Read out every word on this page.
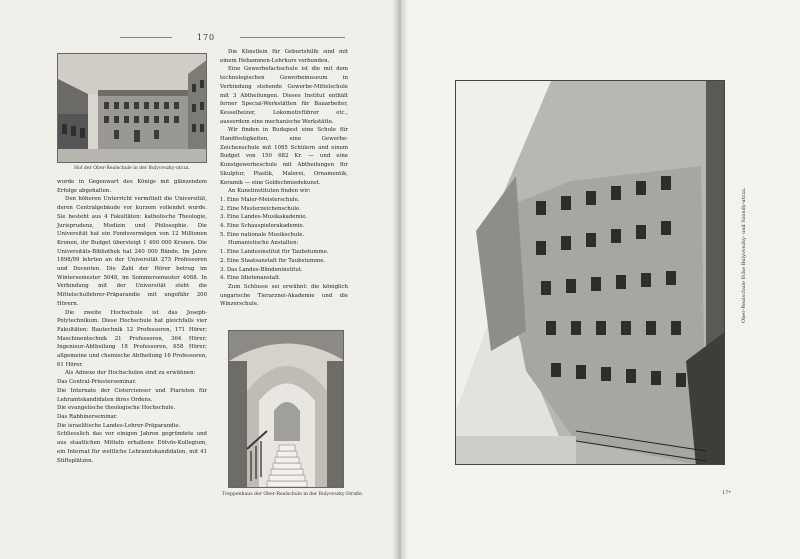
170
Hof der Ober-Realschule in der Bulyovszky-utcza.

Die Künstlein für Geburtshilfe sind mit einem Hebammen-Lehrkurs verbunden.

Eine Gewerbefachschule ist die mit dem technologischen Gewerbemuseum in Verbindung stehende Gewerbe-Mittelschule mit 3 Abtheilungen. Dieses Institut enthält ferner Special-Werkstätten für Bauarbeiter, Kesselheizer, Lokomotivführer etc., ausserdem eine mechanische Werkstätte.

Wir finden in Budapest eine Schule für Handfestigkeiten, eine Gewerbe-Zeichenschule mit 1085 Schülern und einem Budget von 150 682 Kr. — und eine Kunstgewerbeschule mit Abtheilungen für Skulptur, Plastik, Malerei, Ornamentik, Keramik — eine Goldschmiedekunst.

An Kunstinstituten finden wir:

1. Eine Maler-Meisterschule.
2. Eine Musterzeichenschule.
3. Eine Landes-Musikakademie.
4. Eine Schauspielerakademie.
5. Eine nationale Musikschule.

Humanistische Anstalten:

1. Eine Landesinstitut für Taubstumme.
2. Eine Staatsanstalt für Taubstumme.
3. Das Landes-Blindeninstitut.
4. Eine Idiotenanstalt.

Zum Schlusse sei erwähnt: die königlich ungarische Tierarznei-Akademie und die Winzerschule.

wurde in Gegenwart des Königs mit glänzendem Erfolge abgehalten.

Den höheren Unterricht vermittelt die Universität, deren Centralgebäude vor kurzem vollendet wurde. Sie besteht aus 4 Fakultäten: katholische Theologie, Jurisprudenz, Medizin und Philosophie. Die Universität hat ein Fondsvermögen von 12 Millionen Kronen, ihr Budget übersteigt 1 400 000 Kronen. Die Universitäts-Bibliothek hat 240 000 Bände. Im Jahre 1898/99 lehrten an der Universität 275 Professoren und Docenten. Die Zahl der Hörer betrug im Wintersemester 5048, im Sommersemester 4088. In Verbindung mit der Universität steht die Mittelschullehrer-Präparandie mit ungefähr 200 Hörern.

Die zweite Hochschule ist das Joseph-Polytechnikum. Diese Hochschule hat gleichfalls vier Fakultäten: Bautechnik 12 Professoren, 171 Hörer; Maschinentechnik 21 Professoren, 364 Hörer; Ingenieur-Abtheilung 18 Professoren, 658 Hörer; allgemeine und chemische Abtheilung 16 Professoren, 61 Hörer.

Als Adnexe der Hochschulen sind zu erwähnen:

Das Central-Priesterseminar.
Die Internate der Cistercienser und Piaristen für Lehramtskandidaten ihres Ordens.
Die evangelische theologische Hochschule.
Das Rabbinerseminar.
Die israelitische Landes-Lehrer-Präparandie.

Schliesslich das vor einigen Jahren gegründete und aus staatlichen Mitteln erhaltene Eötvös-Kollegium, ein Internat für weltliche Lehramtskandidaten, mit 41 Stiftsplätzen.

Treppenhaus der Ober-Realschule in der Bulyovszky-Straße.
Ober-Realschule Ecke Bulyovszky- und Szondy-utcza.
17*
